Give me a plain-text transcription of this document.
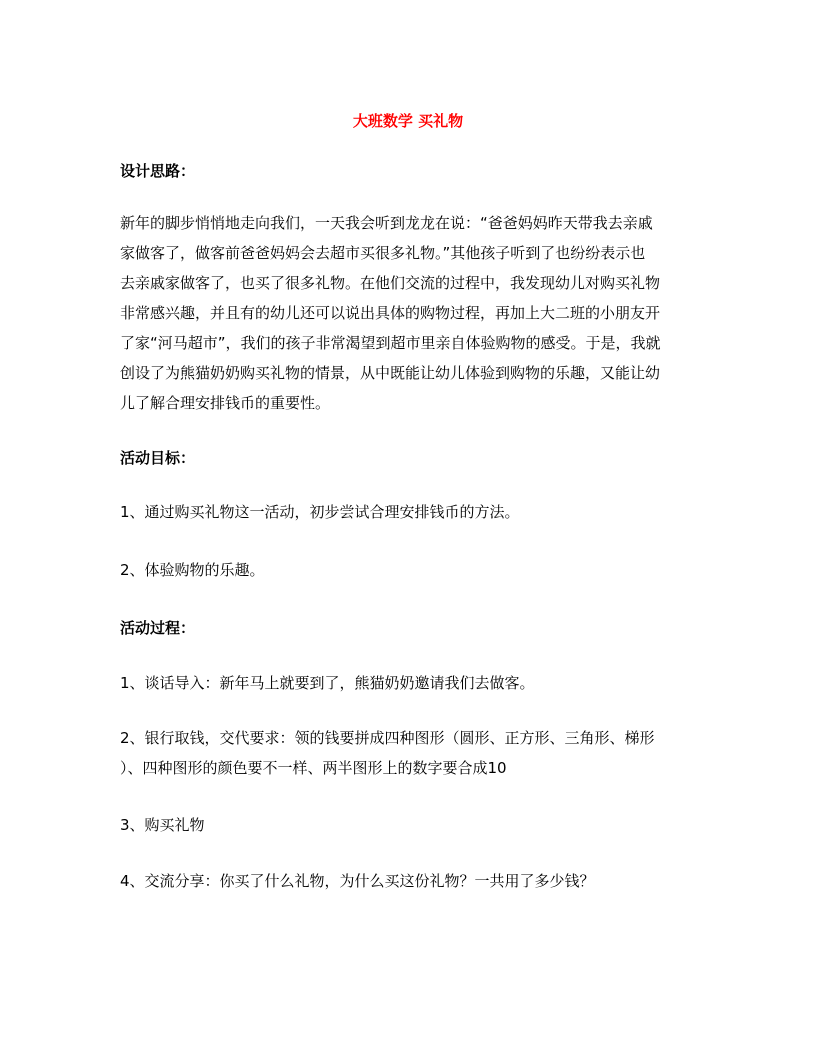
大班数学 买礼物
设计思路：
新年的脚步悄悄地走向我们，一天我会听到龙龙在说：“爸爸妈妈昨天带我去亲戚
家做客了，做客前爸爸妈妈会去超市买很多礼物。”其他孩子听到了也纷纷表示也
去亲戚家做客了，也买了很多礼物。在他们交流的过程中，我发现幼儿对购买礼物
非常感兴趣，并且有的幼儿还可以说出具体的购物过程，再加上大二班的小朋友开
了家“河马超市”，我们的孩子非常渴望到超市里亲自体验购物的感受。于是，我就
创设了为熊猫奶奶购买礼物的情景，从中既能让幼儿体验到购物的乐趣，又能让幼
儿了解合理安排钱币的重要性。
活动目标：
1、通过购买礼物这一活动，初步尝试合理安排钱币的方法。
2、体验购物的乐趣。
活动过程：
1、谈话导入：新年马上就要到了，熊猫奶奶邀请我们去做客。
2、银行取钱，交代要求：领的钱要拼成四种图形（圆形、正方形、三角形、梯形
）、四种图形的颜色要不一样、两半图形上的数字要合成10
3、购买礼物
4、交流分享：你买了什么礼物，为什么买这份礼物？一共用了多少钱？
